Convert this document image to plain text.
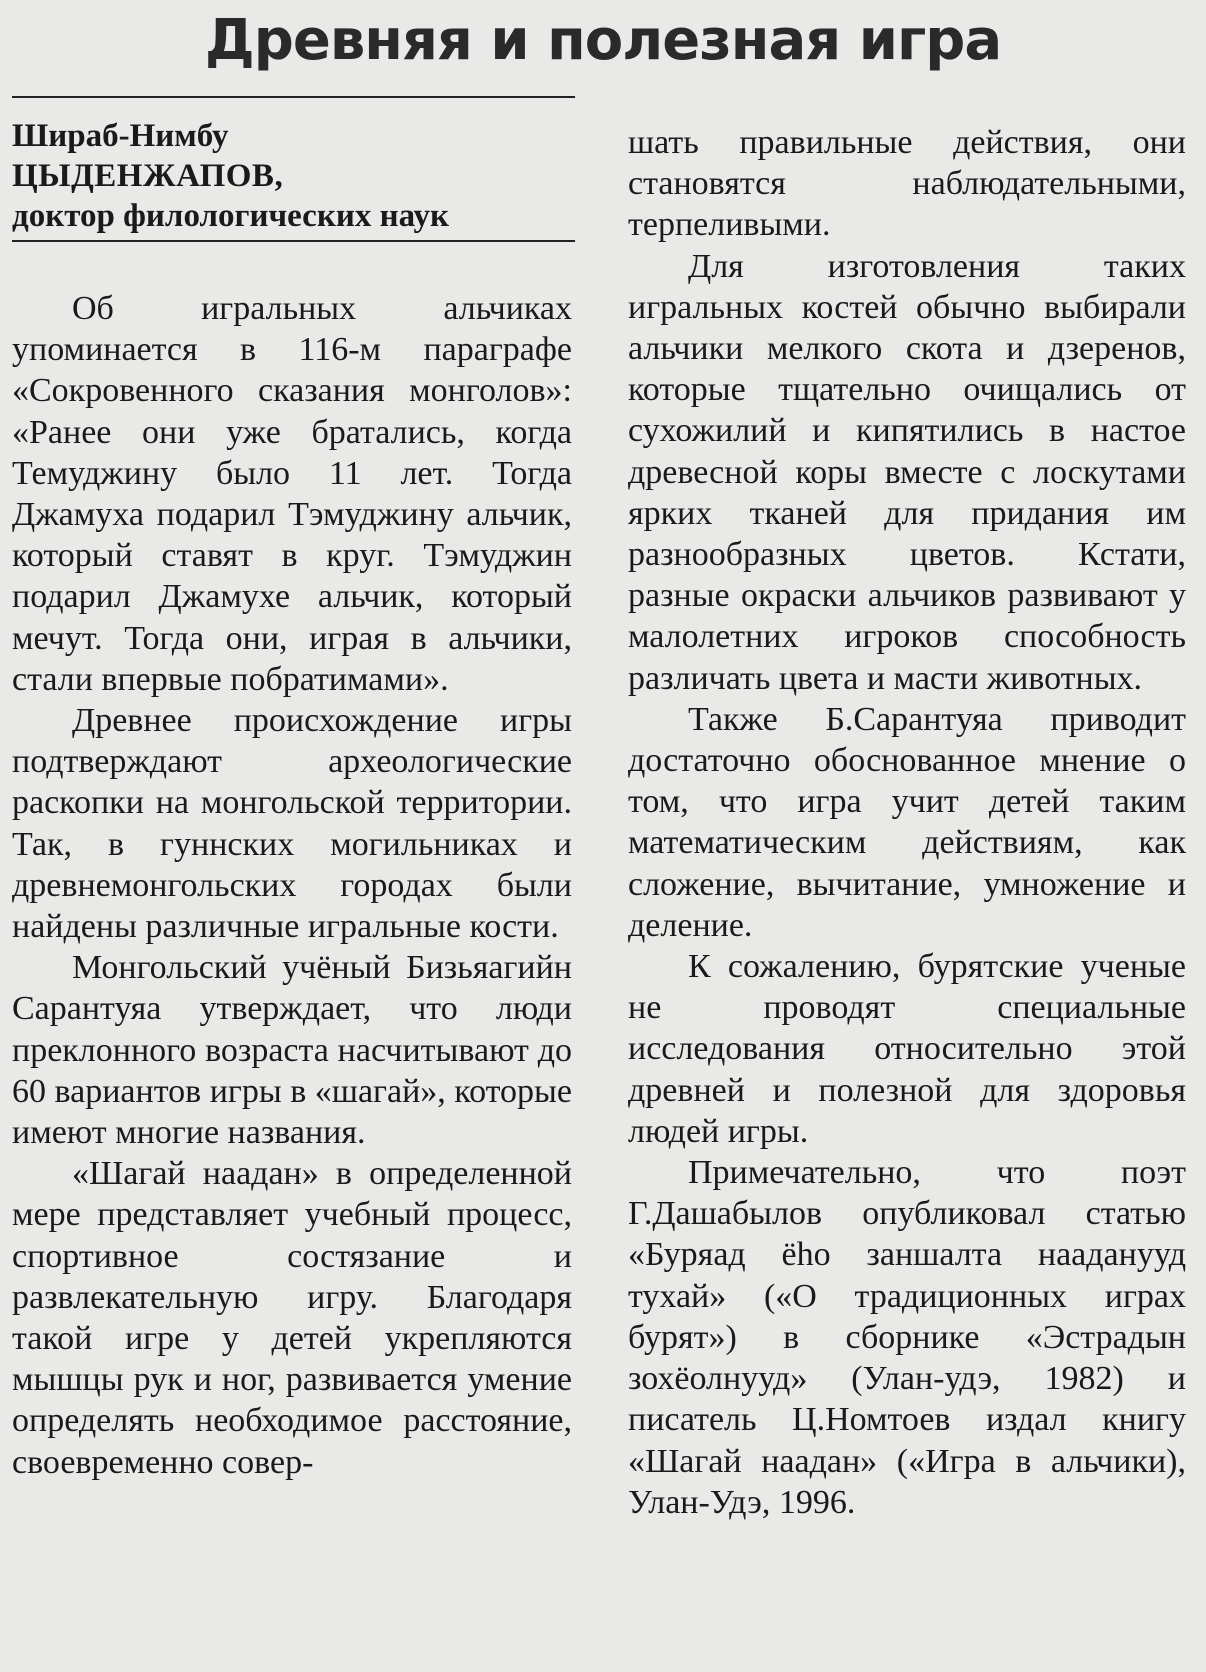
Древняя и полезная игра
Шираб-Нимбу
ЦЫДЕНЖАПОВ,
доктор филологических наук

Об игральных альчиках упоминается в 116-м параграфе «Сокровенного сказания монголов»: «Ранее они уже братались, когда Темуджину было 11 лет. Тогда Джамуха подарил Тэмуджину альчик, который ставят в круг. Тэмуджин подарил Джамухе альчик, который мечут. Тогда они, играя в альчики, стали впервые побратимами».

Древнее происхождение игры подтверждают археологические раскопки на монгольской территории. Так, в гуннских могильниках и древнемонгольских городах были найдены различные игральные кости.

Монгольский учёный Бизьяагийн Сарантуяа утверждает, что люди преклонного возраста насчитывают до 60 вариантов игры в «шагай», которые имеют многие названия.

«Шагай наадан» в определенной мере представляет учебный процесс, спортивное состязание и развлекательную игру. Благодаря такой игре у детей укрепляются мышцы рук и ног, развивается умение определять необходимое расстояние, своевременно совер-

шать правильные действия, они становятся наблюдательными, терпеливыми.

Для изготовления таких игральных костей обычно выбирали альчики мелкого скота и дзеренов, которые тщательно очищались от сухожилий и кипятились в настое древесной коры вместе с лоскутами ярких тканей для придания им разнообразных цветов. Кстати, разные окраски альчиков развивают у малолетних игроков способность различать цвета и масти животных.

Также Б.Сарантуяа приводит достаточно обоснованное мнение о том, что игра учит детей таким математическим действиям, как сложение, вычитание, умножение и деление.

К сожалению, бурятские ученые не проводят специальные исследования относительно этой древней и полезной для здоровья людей игры.

Примечательно, что поэт Г.Дашабылов опубликовал статью «Буряад ёho заншалта нааданууд тухай» («О традиционных играх бурят») в сборнике «Эстрадын зохёолнууд» (Улан-удэ, 1982) и писатель Ц.Номтоев издал книгу «Шагай наадан» («Игра в альчики), Улан-Удэ, 1996.
